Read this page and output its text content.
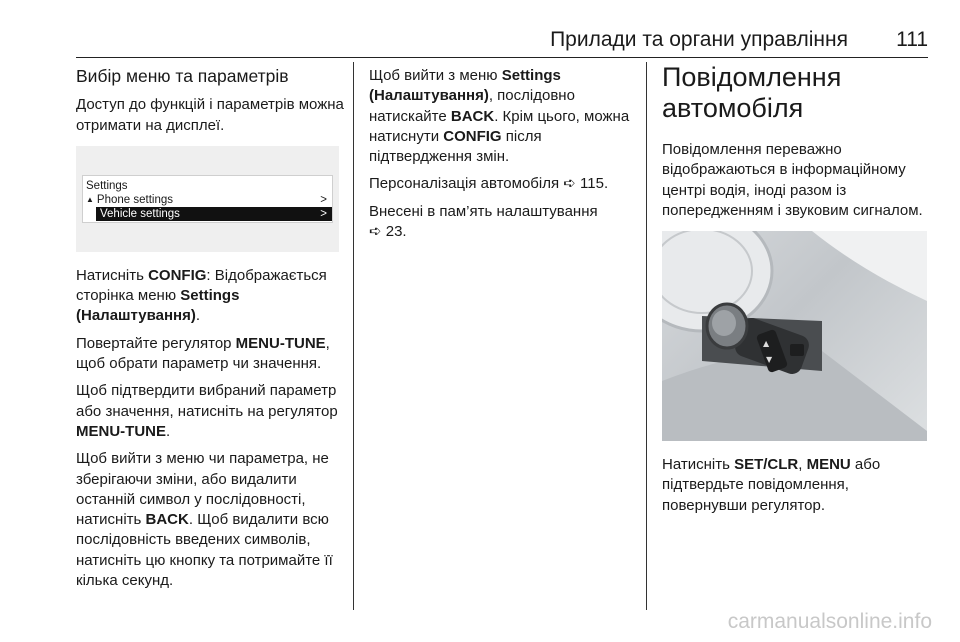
Прилади та органи управління 111
Вибір меню та параметрів

Доступ до функцій і параметрів можна отримати на дисплеї.

Settings
▲ Phone settings	>
Vehicle settings	>

Натисніть CONFIG: Відображається сторінка меню Settings (Налаштування).

Повертайте регулятор MENU-TUNE, щоб обрати параметр чи значення.

Щоб підтвердити вибраний параметр або значення, натисніть на регулятор MENU-TUNE.

Щоб вийти з меню чи параметра, не зберігаючи зміни, або видалити останній символ у послідовності, натисніть BACK. Щоб видалити всю послідовність введених символів, натисніть цю кнопку та потримайте її кілька секунд.

Щоб вийти з меню Settings (Налаштування), послідовно натискайте BACK. Крім цього, можна натиснути CONFIG після підтвердження змін.

Персоналізація автомобіля ➪ 115.

Внесені в пам’ять налаштування
➪ 23.

Повідомлення автомобіля

Повідомлення переважно відображаються в інформаційному центрі водія, іноді разом із попередженням і звуковим сигналом.

▲
▼

Натисніть SET/CLR, MENU або підтвердьте повідомлення, повернувши регулятор.

carmanualsonline.info
